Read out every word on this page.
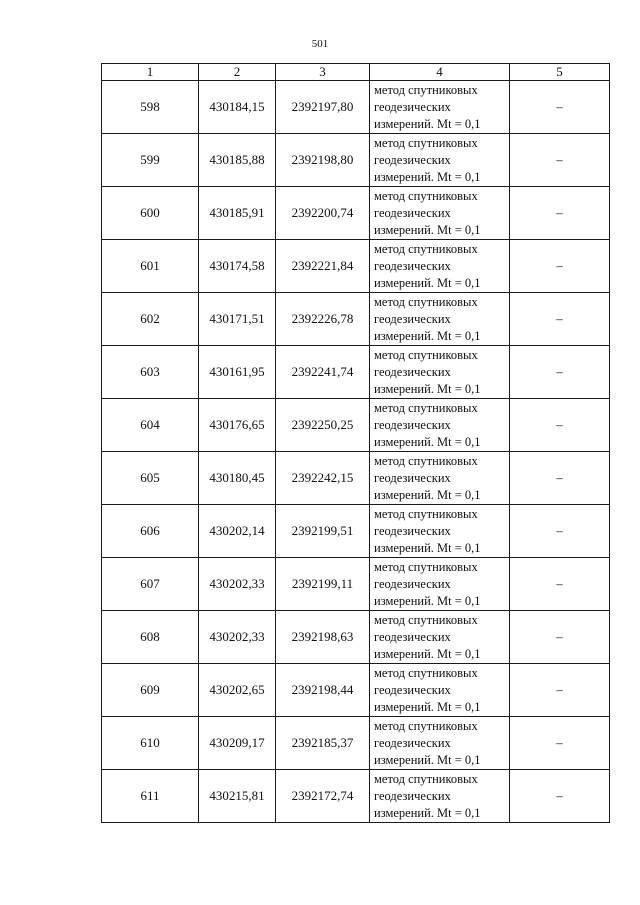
501
1	2	3	4	5
598	430184,15	2392197,80	метод спутниковых
геодезических
измерений. Mt = 0,1	–
599	430185,88	2392198,80	метод спутниковых
геодезических
измерений. Mt = 0,1	–
600	430185,91	2392200,74	метод спутниковых
геодезических
измерений. Mt = 0,1	–
601	430174,58	2392221,84	метод спутниковых
геодезических
измерений. Mt = 0,1	–
602	430171,51	2392226,78	метод спутниковых
геодезических
измерений. Mt = 0,1	–
603	430161,95	2392241,74	метод спутниковых
геодезических
измерений. Mt = 0,1	–
604	430176,65	2392250,25	метод спутниковых
геодезических
измерений. Mt = 0,1	–
605	430180,45	2392242,15	метод спутниковых
геодезических
измерений. Mt = 0,1	–
606	430202,14	2392199,51	метод спутниковых
геодезических
измерений. Mt = 0,1	–
607	430202,33	2392199,11	метод спутниковых
геодезических
измерений. Mt = 0,1	–
608	430202,33	2392198,63	метод спутниковых
геодезических
измерений. Mt = 0,1	–
609	430202,65	2392198,44	метод спутниковых
геодезических
измерений. Mt = 0,1	–
610	430209,17	2392185,37	метод спутниковых
геодезических
измерений. Mt = 0,1	–
611	430215,81	2392172,74	метод спутниковых
геодезических
измерений. Mt = 0,1	–
